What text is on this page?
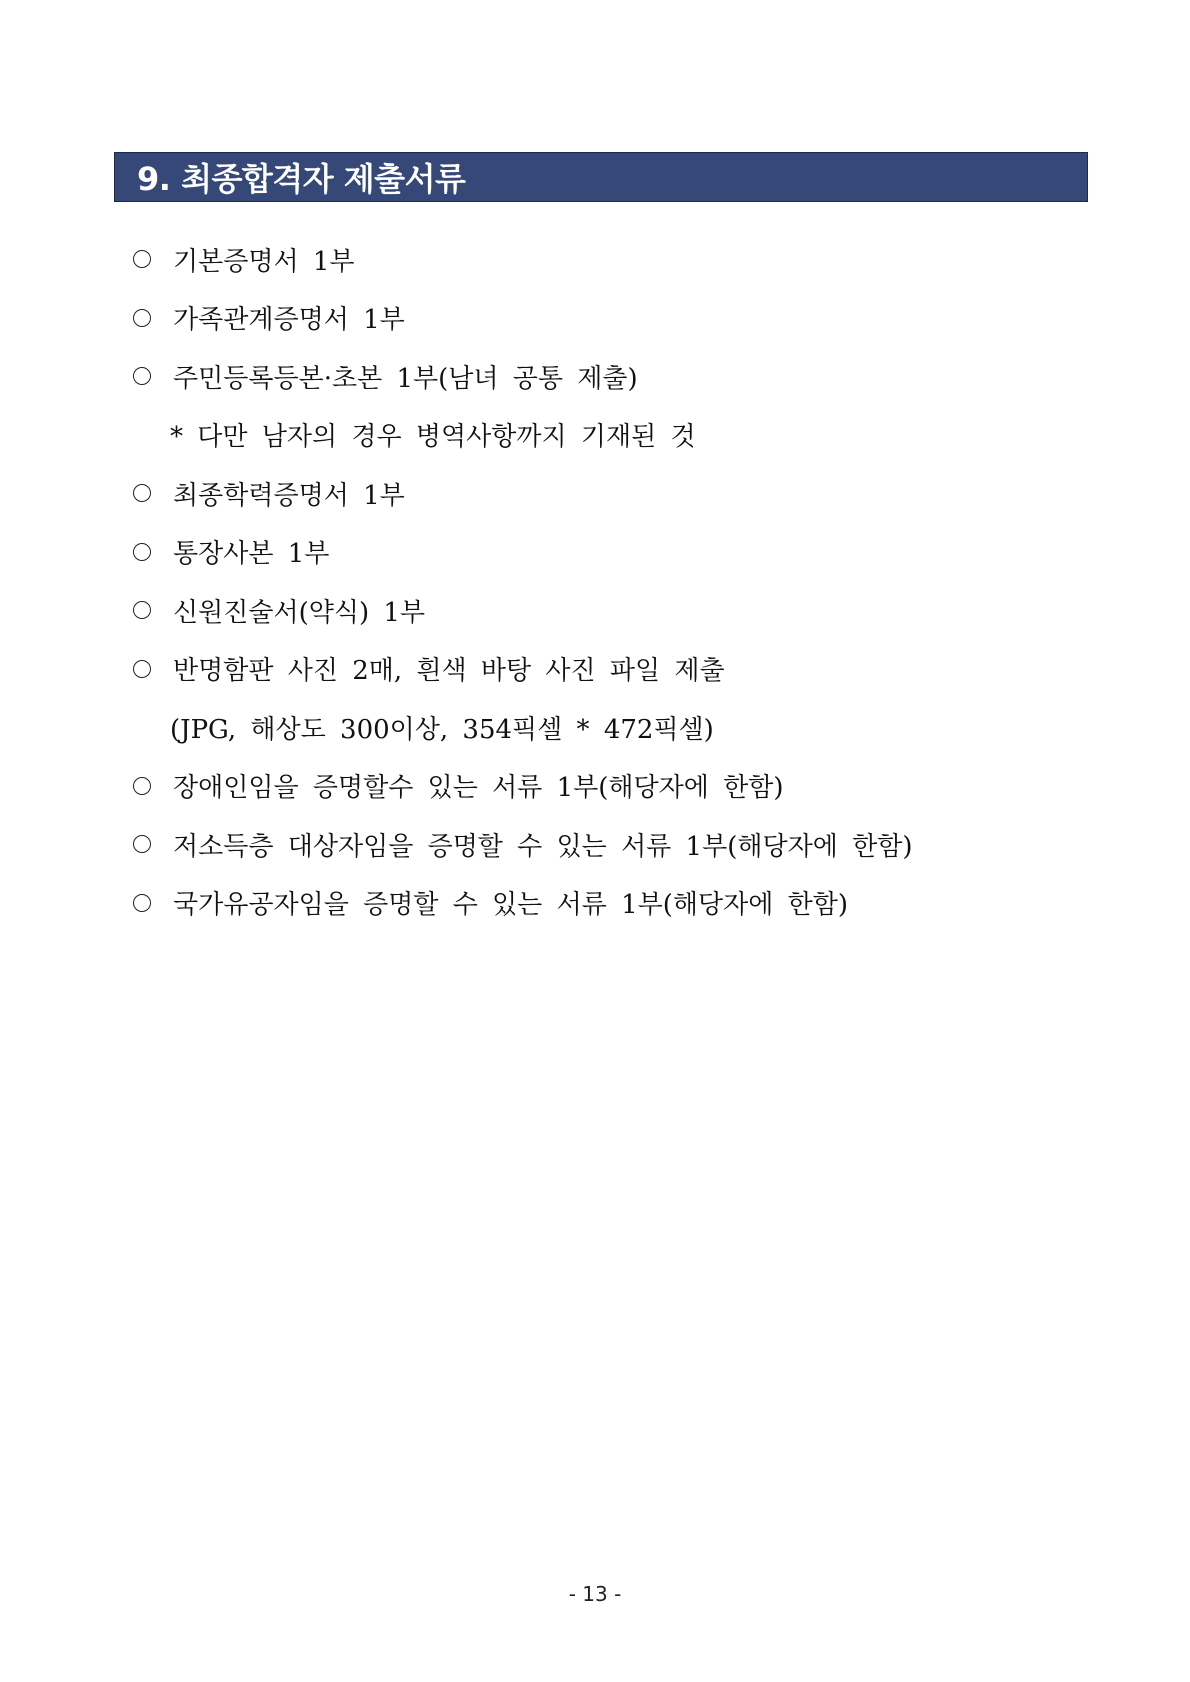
9. 최종합격자 제출서류
기본증명서 1부
가족관계증명서 1부
주민등록등본·초본 1부(남녀 공통 제출)
* 다만 남자의 경우 병역사항까지 기재된 것
최종학력증명서 1부
통장사본 1부
신원진술서(약식) 1부
반명함판 사진 2매, 흰색 바탕 사진 파일 제출
(JPG, 해상도 300이상, 354픽셀 * 472픽셀)
장애인임을 증명할수 있는 서류 1부(해당자에 한함)
저소득층 대상자임을 증명할 수 있는 서류 1부(해당자에 한함)
국가유공자임을 증명할 수 있는 서류 1부(해당자에 한함)
- 13 -
